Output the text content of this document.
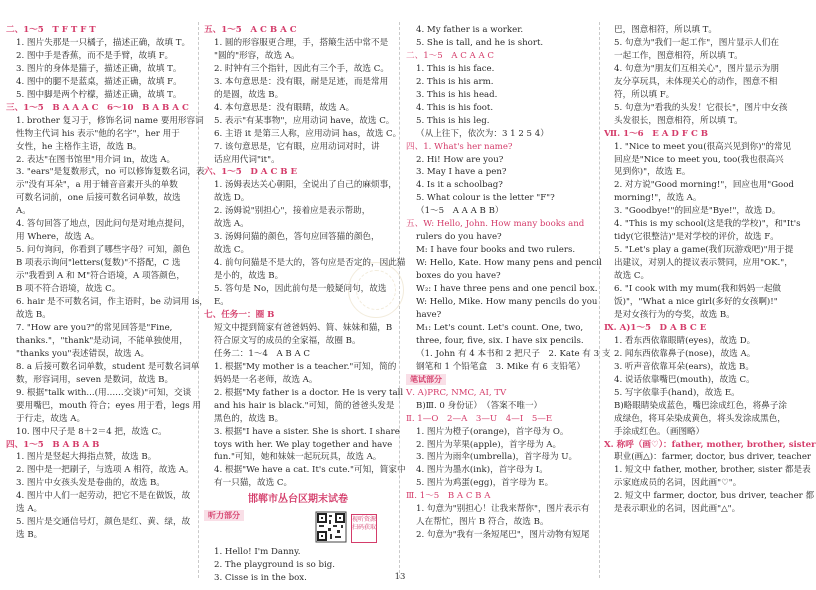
二、1～5　T F T F T
1. 图片失那是一只橘子，描述正确，故填 T。
2. 图中手是香蕉，而不是手臂，故填 F。
3. 图片的身体是猫子，描述正确，故填 T。
4. 图中的腿不是蓝桌，描述正确，故填 F。
5. 图中脚是两个柠檬，描述正确，故填 T。
三、1～5　B A A A C　6～10　B A B A C
1. brother 复习于，修饰名词 name 要用形容词
性物主代词 his 表示"他的名字"，her 用于
女性，he 主格作主语，故选 B。
2. 表达"在图书馆里"用介词 in，故选 A。
3. "ears"是复数形式，no 可以修饰复数名词，表
示"没有耳朵"，a 用于辅音音素开头的单数
可数名词前，one 后接可数名词单数，故选
A。
4. 答句回答了地点，因此问句是对地点提问，
用 Where，故选 A。
5. 问句询问，你看到了哪些字母？可知，颜色
B 项表示询问"letters(复数)"不搭配，C 选
示"我看到 A 和 M"符合语境，A 项答颜色，
B 项不符合语境，故选 C。
6. hair 是不可数名词，作主语时，be 动词用 is，
故选 B。
7. "How are you?"的常见回答是"Fine,
thanks."，"thank"是动词，不能单独使用，
"thanks you"表述错误，故选 A。
8. a 后接可数名词单数，student 是可数名词单
数，形容词用，seven 是数词，故选 B。
9. 根据"talk with...(用……交谈)"可知，交谈
要用嘴巴，mouth 符合；eyes 用于看，legs 用
于行走，故选 A。
10. 图中尺子是 8＋2＝4 把，故选 C。
四、1～5　B A B A B
1. 图片是竖起大拇指点赞，故选 B。
2. 图中是一把刷子，与选项 A 相符，故选 A。
3. 图片中女孩头发是卷曲的，故选 B。
4. 图片中人们一起劳动，把它不是在做饭，故
选 A。
5. 图片是交通信号灯，颜色是红、黄、绿，故
选 B。
五、1～5　A C B A C
1. 圆的形容服更合理，手，搭簸生活中常不是
"圆的"形容，故选 A。
2. 时钟有三个指针，因此有三个手，故选 C。
3. 本句意思是：没有眼，耐是足迹，而是常用
的是圆，故选 B。
4. 本句意思是：没有眼睛，故选 A。
5. 表示"有某事物"，应用动词 have，故选 C。
6. 主语 it 是第三人称，应用动词 has，故选 C。
7. 该句意思是，它有眼，应用动词对时，讲
话应用代词"it"。
六、1～5　D A C B E
1. 汤姆表达关心朝阳，全说出了自己的麻烦事，
故选 D。
2. 汤姆说"别担心"，接着应是表示帮助，
故选 A。
3. 汤姆问猫的颜色，答句应回答猫的颜色，
故选 C。
4. 前句问猫是不是大的，答句应是否定的，因此猫
是小的，故选 B。
5. 答句是 No，因此前句是一般疑问句，故选
E。
七、任务一：圈 B
短文中提到简家有爸爸妈妈、简、妹妹和猫，B
符合原文写的成员的全家福，故圈 B。
任务二：1～4　A B A C
1. 根据"My mother is a teacher."可知，简的
妈妈是一名老师，故选 A。
2. 根据"My father is a doctor. He is very tall
and his hair is black."可知，简的爸爸头发是
黑色的，故选 B。
3. 根据"I have a sister. She is short. I share
toys with her. We play together and have
fun."可知，她和妹妹一起玩玩具，故选 A。
4. 根据"We have a cat. It's cute."可知，简家中
有一只猫，故选 C。
邯郸市丛台区期末试卷
听力部分	视听资源 扫码获取
1. Hello! I'm Danny.
2. The playground is so big.
3. Cisse is in the box.
4. My father is a worker.
5. She is tall, and he is short.
二、1～5　A C A A C
1. This is his face.
2. This is his arm.
3. This is his head.
4. This is his foot.
5. This is his leg.
（从上往下，依次为：3 1 2 5 4）
四、1. What's her name?
2. Hi! How are you?
3. May I have a pen?
4. Is it a schoolbag?
5. What colour is the letter "F"?
（1～5　A A A B B）
五、W: Hello, John. How many books and
rulers do you have?
M: I have four books and two rulers.
W: Hello, Kate. How many pens and pencil
boxes do you have?
W₂: I have three pens and one pencil box.
W: Hello, Mike. How many pencils do you
have?
M₁: Let's count. Let's count. One, two,
three, four, five, six. I have six pencils.
（1. John 有 4 本书和 2 把尺子　2. Kate 有 3 支
钢笔和 1 个铅笔盒　3. Mike 有 6 支铅笔）
笔试部分
Ⅴ. A)PRC, NMC, AI, TV
B)Ⅲ. 0 身份证）　（答案不唯一）
Ⅱ. 1—O　2—A　3—U　4—I　5—E
1. 图片为橙子(orange)，首字母为 O。
2. 图片为苹果(apple)，首字母为 A。
3. 图片为雨伞(umbrella)，首字母为 U。
4. 图片为墨水(ink)，首字母为 I。
5. 图片为鸡蛋(egg)，首字母为 E。
Ⅲ. 1～5　B A C B A
1. 句意为"别担心！让我来帮你"，图片表示有
人在帮忙，图片 B 符合，故选 B。
2. 句意为"我有一条短尾巴"，图片动物有短尾
巴，图意相符，所以填 T。
5. 句意为"我们一起工作"，图片显示人们在
一起工作，图意相符，所以填 T。
4. 句意为"朋友们互相关心"，图片显示为朋
友分享玩具，未体现关心的动作，图意不相
符，所以填 F。
5. 句意为"看我的头发！它很长"，图片中女孩
头发很长，图意相符，所以填 T。
Ⅶ. 1～6　E A D F C B
1. "Nice to meet you(很高兴见到你)"的常见
回应是"Nice to meet you, too(我也很高兴
见到你)"，故选 E。
2. 对方说"Good morning!"，回应也用"Good
morning!"，故选 A。
3. "Goodbye!"的回应是"Bye!"，故选 D。
4. "This is my school(这是我的学校)"，和"It's
tidy(它很整洁)"是对学校的评价，故选 F。
5. "Let's play a game(我们玩游戏吧)"用于提
出建议，对别人的提议表示赞同，应用"OK."，
故选 C。
6. "I cook with my mum(我和妈妈一起做
饭)"，"What a nice girl(多好的女孩啊)!"
是对女孩行为的夸奖，故选 B。
Ⅸ. A)1～5　D A B C E
1. 看东西依靠眼睛(eyes)，故选 D。
2. 闻东西依靠鼻子(nose)，故选 A。
3. 听声音依靠耳朵(ears)，故选 B。
4. 说话依靠嘴巴(mouth)，故选 C。
5. 写字依靠手(hand)，故选 E。
B)略眼睛染成蓝色，嘴巴涂成红色，将鼻子涂
成绿色，将耳朵染成黄色，将头发涂成黑色，
手涂成红色。（画图略）
X. 称呼（画♡）：father, mother, brother, sister
职业(画△)：farmer, doctor, bus driver, teacher
1. 短文中 father, mother, brother, sister 都是表
示家庭成员的名词，因此画"♡"。
2. 短文中 farmer, doctor, bus driver, teacher 都
是表示职业的名词，因此画"△"。
13
